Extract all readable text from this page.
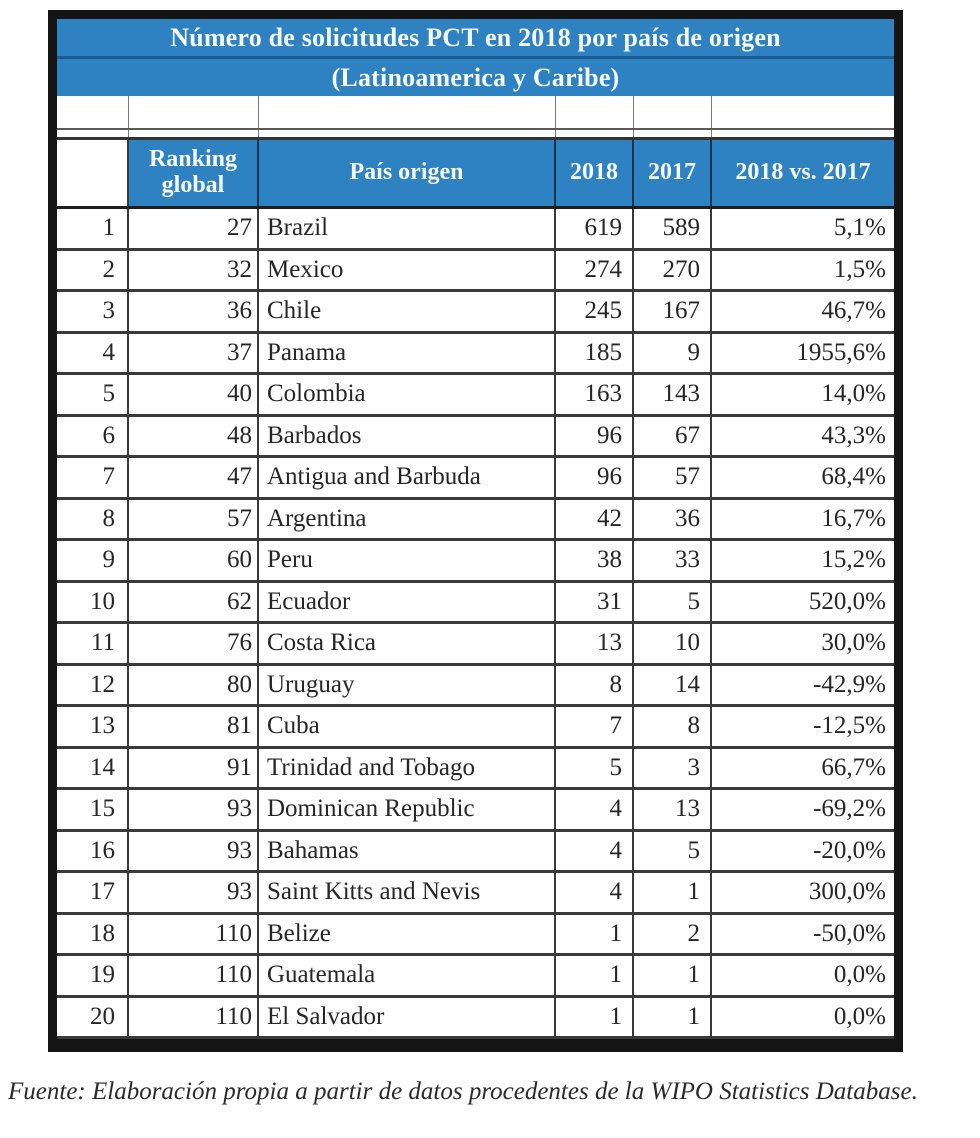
Número de solicitudes PCT en 2018 por país de origen
(Latinoamerica y Caribe)
Ranking global	País origen	2018	2017	2018 vs. 2017
1	27 Brazil	619	589	5,1%
2	32 Mexico	274	270	1,5%
3	36 Chile	245	167	46,7%
4	37 Panama	185	9	1955,6%
5	40 Colombia	163	143	14,0%
6	48 Barbados	96	67	43,3%
7	47 Antigua and Barbuda	96	57	68,4%
8	57 Argentina	42	36	16,7%
9	60 Peru	38	33	15,2%
10	62 Ecuador	31	5	520,0%
11	76 Costa Rica	13	10	30,0%
12	80 Uruguay	8	14	-42,9%
13	81 Cuba	7	8	-12,5%
14	91 Trinidad and Tobago	5	3	66,7%
15	93 Dominican Republic	4	13	-69,2%
16	93 Bahamas	4	5	-20,0%
17	93 Saint Kitts and Nevis	4	1	300,0%
18	110 Belize	1	2	-50,0%
19	110 Guatemala	1	1	0,0%
20	110 El Salvador	1	1	0,0%
Fuente: Elaboración propia a partir de datos procedentes de la WIPO Statistics Database.
